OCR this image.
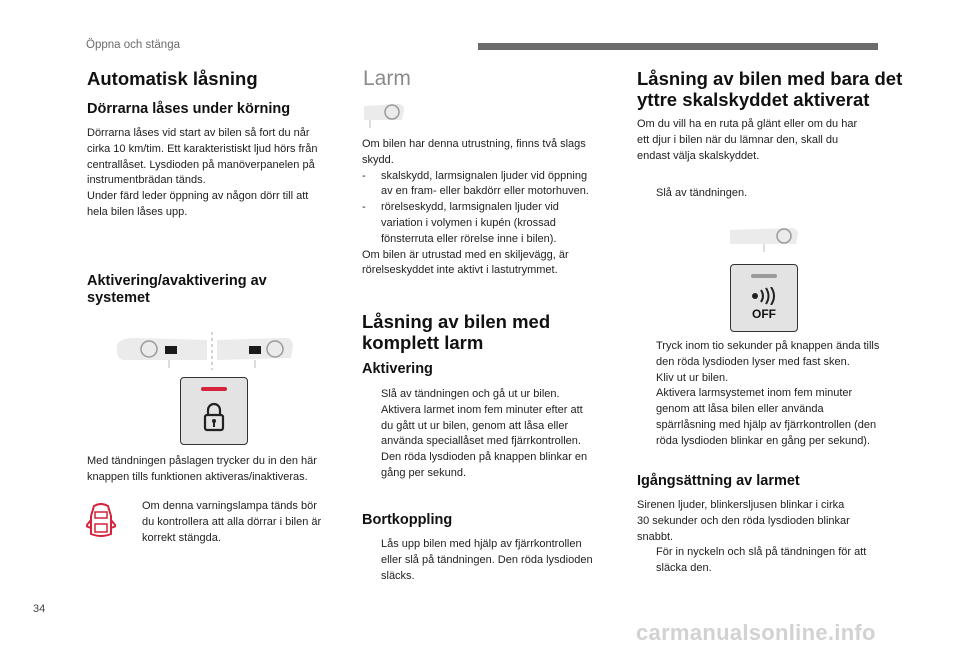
Öppna och stänga
Automatisk låsning
Dörrarna låses under körning
Dörrarna låses vid start av bilen så fort du når
cirka 10 km/tim. Ett karakteristiskt ljud hörs från
centrallåset. Lysdioden på manöverpanelen på
instrumentbrädan tänds.
Under färd leder öppning av någon dörr till att
hela bilen låses upp.
Aktivering/avaktivering av
systemet
Med tändningen påslagen trycker du in den här
knappen tills funktionen aktiveras/inaktiveras.
Om denna varningslampa tänds bör
du kontrollera att alla dörrar i bilen är
korrekt stängda.
Larm
Om bilen har denna utrustning, finns två slags
skydd.
- skalskydd, larmsignalen ljuder vid öppning
av en fram- eller bakdörr eller motorhuven.
- rörelseskydd, larmsignalen ljuder vid
variation i volymen i kupén (krossad
fönsterruta eller rörelse inne i bilen).
Om bilen är utrustad med en skiljevägg, är
rörelseskyddet inte aktivt i lastutrymmet.
Låsning av bilen med
komplett larm
Aktivering
Slå av tändningen och gå ut ur bilen.
Aktivera larmet inom fem minuter efter att
du gått ut ur bilen, genom att låsa eller
använda speciallåset med fjärrkontrollen.
Den röda lysdioden på knappen blinkar en
gång per sekund.
Bortkoppling
Lås upp bilen med hjälp av fjärrkontrollen
eller slå på tändningen. Den röda lysdioden
släcks.
Låsning av bilen med bara det
yttre skalskyddet aktiverat
Om du vill ha en ruta på glänt eller om du har
ett djur i bilen när du lämnar den, skall du
endast välja skalskyddet.
Slå av tändningen.
OFF
Tryck inom tio sekunder på knappen ända tills
den röda lysdioden lyser med fast sken.
Kliv ut ur bilen.
Aktivera larmsystemet inom fem minuter
genom att låsa bilen eller använda
spärrlåsning med hjälp av fjärrkontrollen (den
röda lysdioden blinkar en gång per sekund).
Igångsättning av larmet
Sirenen ljuder, blinkersljusen blinkar i cirka
30 sekunder och den röda lysdioden blinkar
snabbt.
För in nyckeln och slå på tändningen för att
släcka den.
34
carmanualsonline.info
